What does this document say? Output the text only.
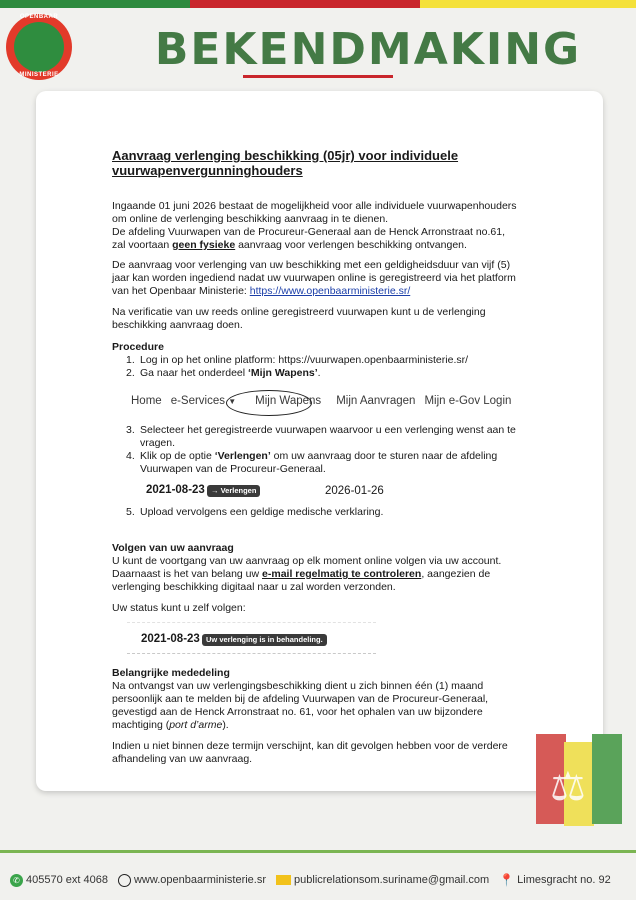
OPENBAAR
MINISTERIE	BEKENDMAKING

Aanvraag verlenging beschikking (05jr) voor individuele

vuurwapenvergunninghouders

Ingaande 01 juni 2026 bestaat de mogelijkheid voor alle individuele vuurwapenhouders

om online de verlenging beschikking aanvraag in te dienen.

De afdeling Vuurwapen van de Procureur-Generaal aan de Henck Arronstraat no.61,

zal voortaan geen fysieke aanvraag voor verlengen beschikking ontvangen.

De aanvraag voor verlenging van uw beschikking met een geldigheidsduur van vijf (5)

jaar kan worden ingediend nadat uw vuurwapen online is geregistreerd via het platform

van het Openbaar Ministerie: https://www.openbaarministerie.sr/

Na verificatie van uw reeds online geregistreerd vuurwapen kunt u de verlenging

beschikking aanvraag doen.

Procedure

1. Log in op het online platform: https://vuurwapen.openbaarministerie.sr/
2. Ga naar het onderdeel ‘Mijn Wapens’.
3. Selecteer het geregistreerde vuurwapen waarvoor u een verlenging wenst aan te
vragen.
4. Klik op de optie ‘Verlengen’ om uw aanvraag door te sturen naar de afdeling
Vuurwapen van de Procureur-Generaal.
5. Upload vervolgens een geldige medische verklaring.

Volgen van uw aanvraag

U kunt de voortgang van uw aanvraag op elk moment online volgen via uw account.

Daarnaast is het van belang uw e-mail regelmatig te controleren, aangezien de

verlenging beschikking digitaal naar u zal worden verzonden.

Uw status kunt u zelf volgen:

Belangrijke mededeling

Na ontvangst van uw verlengingsbeschikking dient u zich binnen één (1) maand

persoonlijk aan te melden bij de afdeling Vuurwapen van de Procureur-Generaal,

gevestigd aan de Henck Arronstraat no. 61, voor het ophalen van uw bijzondere

machtiging (port d’arme).

Indien u niet binnen deze termijn verschijnt, kan dit gevolgen hebben voor de verdere

afhandeling van uw aanvraag.

Home e-Services ▼ Mijn Wapens Mijn Aanvragen Mijn e-Gov Login
2021-08-23 → Verlengen	2026-01-26
2021-08-23 Uw verlenging is in behandeling.
⚖
✆ 405570 ext 4068 www.openbaarministerie.sr	publicrelationsom.suriname@gmail.com 📍 Limesgracht no. 92
